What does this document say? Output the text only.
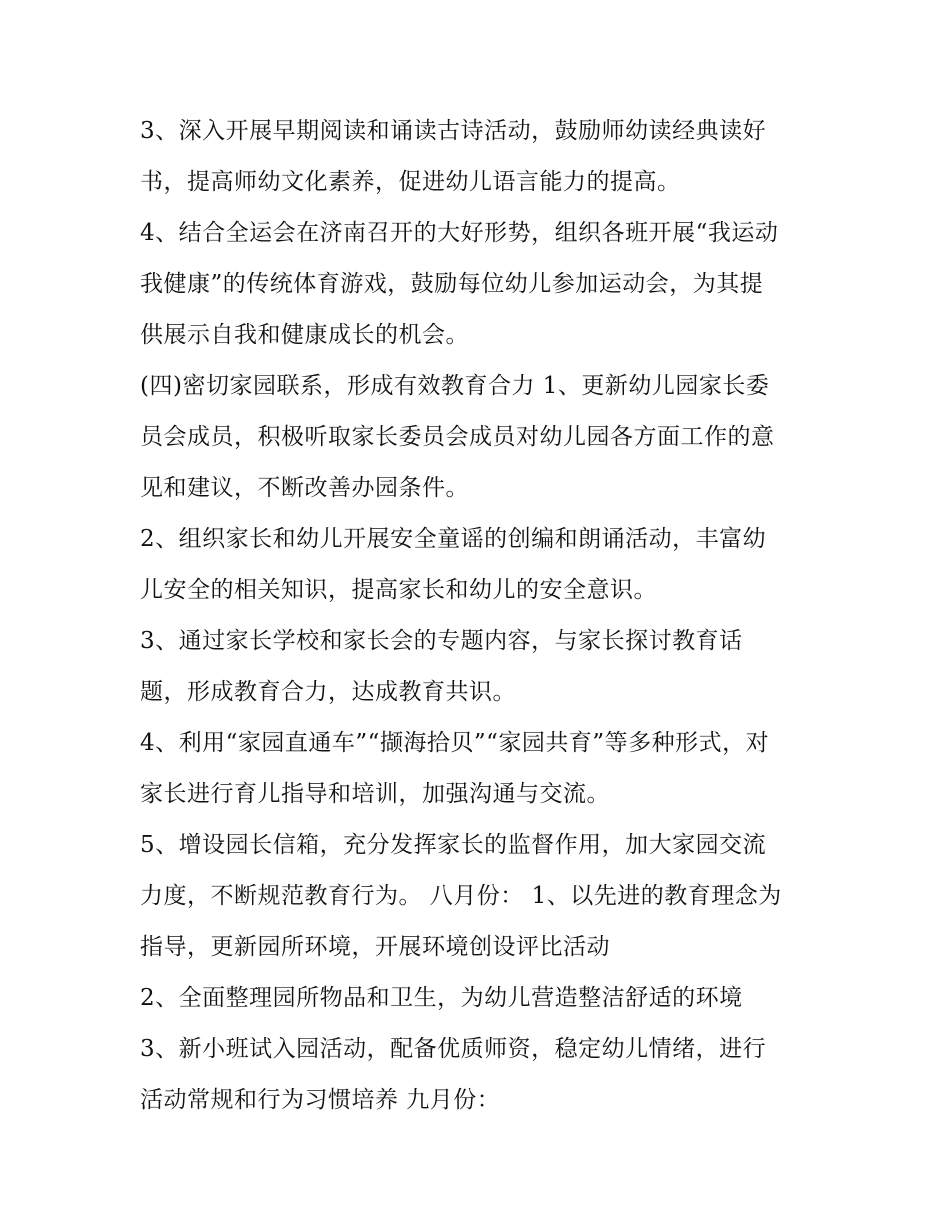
3、深入开展早期阅读和诵读古诗活动，鼓励师幼读经典读好
书，提高师幼文化素养，促进幼儿语言能力的提高。
4、结合全运会在济南召开的大好形势，组织各班开展“我运动
我健康”的传统体育游戏，鼓励每位幼儿参加运动会，为其提
供展示自我和健康成长的机会。
(四)密切家园联系，形成有效教育合力 1、更新幼儿园家长委
员会成员，积极听取家长委员会成员对幼儿园各方面工作的意
见和建议，不断改善办园条件。
2、组织家长和幼儿开展安全童谣的创编和朗诵活动，丰富幼
儿安全的相关知识，提高家长和幼儿的安全意识。
3、通过家长学校和家长会的专题内容，与家长探讨教育话
题，形成教育合力，达成教育共识。
4、利用“家园直通车”“撷海拾贝”“家园共育”等多种形式，对
家长进行育儿指导和培训，加强沟通与交流。
5、增设园长信箱，充分发挥家长的监督作用，加大家园交流
力度，不断规范教育行为。 八月份： 1、以先进的教育理念为
指导，更新园所环境，开展环境创设评比活动
2、全面整理园所物品和卫生，为幼儿营造整洁舒适的环境
3、新小班试入园活动，配备优质师资，稳定幼儿情绪，进行
活动常规和行为习惯培养 九月份：
